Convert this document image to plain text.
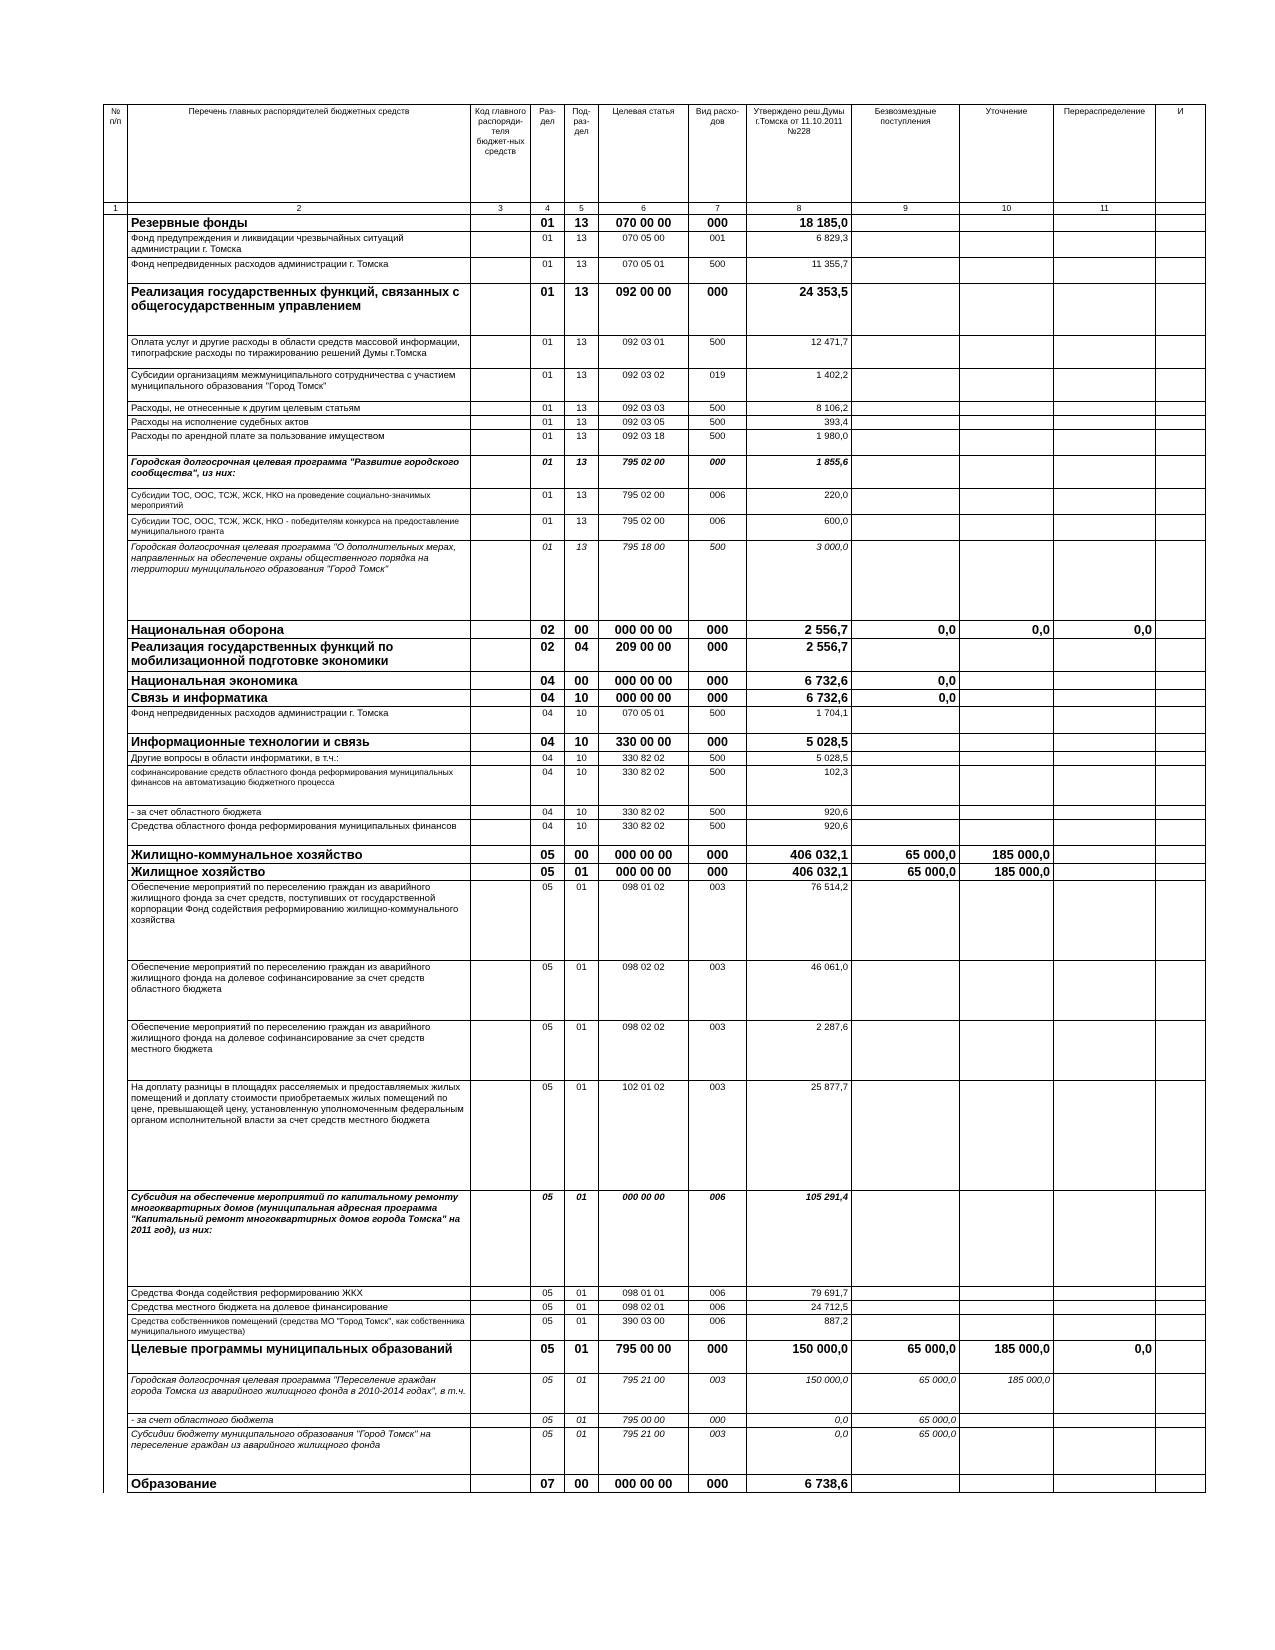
№ п/п	Перечень главных распорядителей бюджетных средств	Код главного распоряди-теля бюджет-ных средств	Раз-дел	Под-раз-дел	Целевая статья	Вид расхо-дов	Утверждено реш.Думы г.Томска от 11.10.2011 №228	Безвозмездные поступления	Уточнение	Перераспределение	И
1	2	3	4	5	6	7	8	9	10	11	
	Резервные фонды		01	13	070 00 00	000	18 185,0				
	Фонд предупреждения и ликвидации чрезвычайных ситуаций администрации г. Томска		01	13	070 05 00	001	6 829,3				
	Фонд непредвиденных расходов администрации г. Томска		01	13	070 05 01	500	11 355,7				
	Реализация государственных функций, связанных с общегосударственным управлением		01	13	092 00 00	000	24 353,5				
	Оплата услуг и другие расходы в области средств массовой информации, типографские расходы по тиражированию решений Думы г.Томска		01	13	092 03 01	500	12 471,7				
	Субсидии организациям межмуниципального сотрудничества с участием муниципального образования "Город Томск"		01	13	092 03 02	019	1 402,2				
	Расходы, не отнесенные к другим целевым статьям		01	13	092 03 03	500	8 106,2				
	Расходы на исполнение судебных актов		01	13	092 03 05	500	393,4				
	Расходы по арендной плате за пользование имуществом		01	13	092 03 18	500	1 980,0				
	Городская долгосрочная целевая программа "Развитие городского сообщества", из них:		01	13	795 02 00	000	1 855,6				
	Субсидии ТОС, ООС, ТСЖ, ЖСК, НКО на проведение социально-значимых мероприятий		01	13	795 02 00	006	220,0				
	Субсидии ТОС, ООС, ТСЖ, ЖСК, НКО - победителям конкурса на предоставление муниципального гранта		01	13	795 02 00	006	600,0				
	Городская долгосрочная целевая программа "О дополнительных мерах, направленных на обеспечение охраны общественного порядка на территории муниципального образования "Город Томск"		01	13	795 18 00	500	3 000,0				
	Национальная оборона		02	00	000 00 00	000	2 556,7	0,0	0,0	0,0	
	Реализация государственных функций по мобилизационной подготовке экономики		02	04	209 00 00	000	2 556,7				
	Национальная экономика		04	00	000 00 00	000	6 732,6	0,0			
	Связь и информатика		04	10	000 00 00	000	6 732,6	0,0			
	Фонд непредвиденных расходов администрации г. Томска		04	10	070 05 01	500	1 704,1				
	Информационные технологии и связь		04	10	330 00 00	000	5 028,5				
	Другие вопросы в области информатики, в т.ч.:		04	10	330 82 02	500	5 028,5				
	софинансирование средств областного фонда реформирования муниципальных финансов на автоматизацию бюджетного процесса		04	10	330 82 02	500	102,3				
	- за счет областного бюджета		04	10	330 82 02	500	920,6				
	Средства областного фонда реформирования муниципальных финансов		04	10	330 82 02	500	920,6				
	Жилищно-коммунальное хозяйство		05	00	000 00 00	000	406 032,1	65 000,0	185 000,0		
	Жилищное хозяйство		05	01	000 00 00	000	406 032,1	65 000,0	185 000,0		
	Обеспечение мероприятий по переселению граждан из аварийного жилищного фонда за счет средств, поступивших от государственной корпорации Фонд содействия реформированию жилищно-коммунального хозяйства		05	01	098 01 02	003	76 514,2				
	Обеспечение мероприятий по переселению граждан из аварийного жилищного фонда на долевое софинансирование за счет средств областного бюджета		05	01	098 02 02	003	46 061,0				
	Обеспечение мероприятий по переселению граждан из аварийного жилищного фонда на долевое софинансирование за счет средств местного бюджета		05	01	098 02 02	003	2 287,6				
	На доплату разницы в площадях расселяемых и предоставляемых жилых помещений и доплату стоимости приобретаемых жилых помещений по цене, превышающей цену, установленную уполномоченным федеральным органом исполнительной власти за счет средств местного бюджета		05	01	102 01 02	003	25 877,7				
	Субсидия на обеспечение мероприятий по капитальному ремонту многоквартирных домов (муниципальная адресная программа "Капитальный ремонт многоквартирных домов города Томска" на 2011 год), из них:		05	01	000 00 00	006	105 291,4				
	Средства Фонда содействия реформированию ЖКХ		05	01	098 01 01	006	79 691,7				
	Средства местного бюджета на долевое финансирование		05	01	098 02 01	006	24 712,5				
	Средства собственников помещений (средства МО "Город Томск", как собственника муниципального имущества)		05	01	390 03 00	006	887,2				
	Целевые программы муниципальных образований		05	01	795 00 00	000	150 000,0	65 000,0	185 000,0	0,0	
	Городская долгосрочная целевая программа "Переселение граждан города Томска из аварийного жилищного фонда в 2010-2014 годах", в т.ч.		05	01	795 21 00	003	150 000,0	65 000,0	185 000,0		
	- за счет областного бюджета		05	01	795 00 00	000	0,0	65 000,0			
	Субсидии бюджету муниципального образования "Город Томск" на переселение граждан из аварийного жилищного фонда		05	01	795 21 00	003	0,0	65 000,0			
	Образование		07	00	000 00 00	000	6 738,6				
